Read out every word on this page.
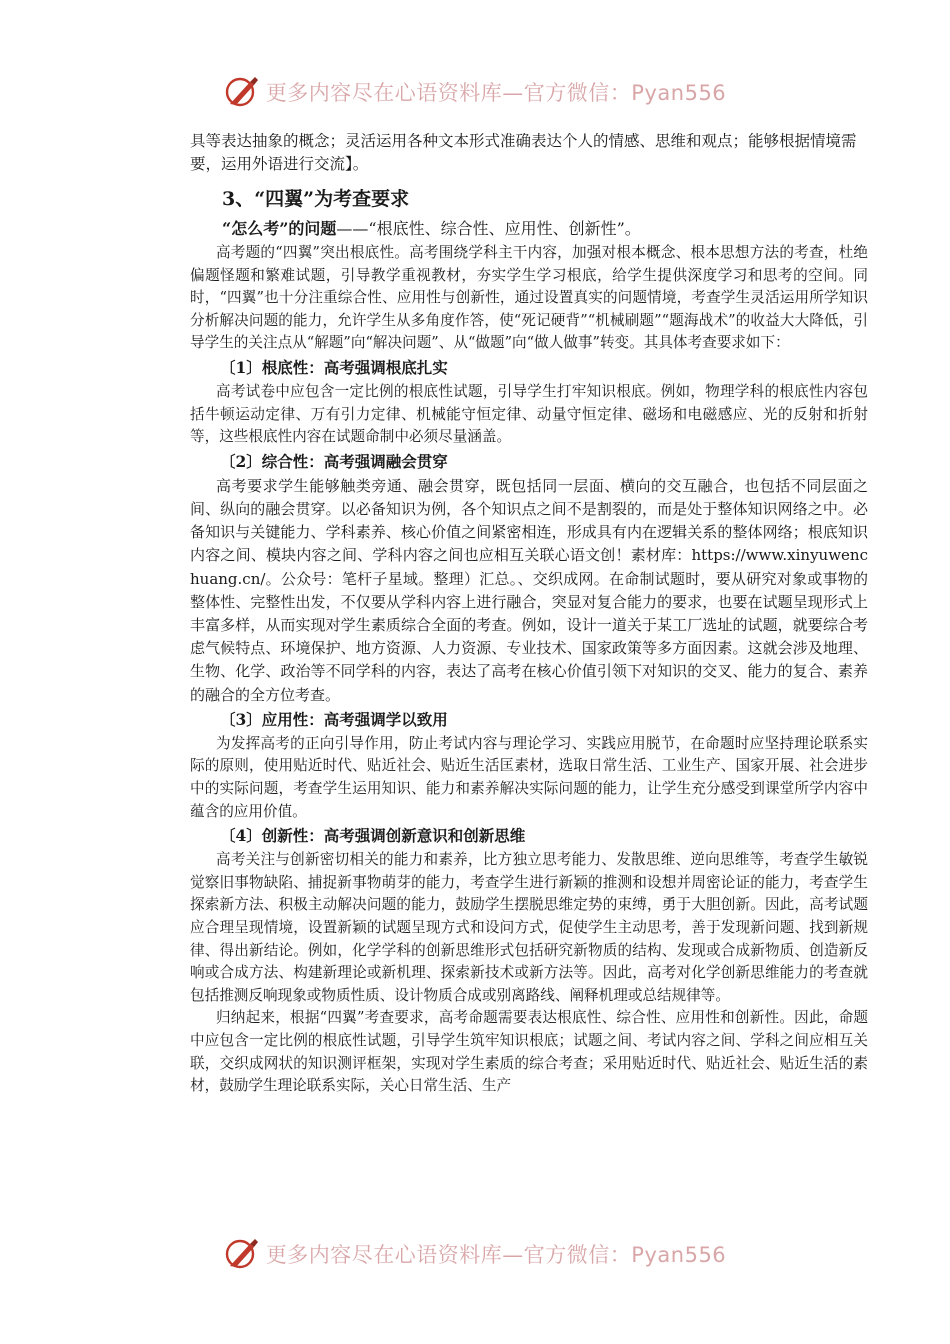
更多内容尽在心语资料库—官方微信：Pyan556

具等表达抽象的概念；灵活运用各种文本形式准确表达个人的情感、思维和观点；能够根据情境需要，运用外语进行交流】。

3、“四翼”为考查要求

“怎么考”的问题——“根底性、综合性、应用性、创新性”。

高考题的“四翼”突出根底性。高考围绕学科主干内容，加强对根本概念、根本思想方法的考查，杜绝偏题怪题和繁难试题，引导教学重视教材，夯实学生学习根底，给学生提供深度学习和思考的空间。同时，“四翼”也十分注重综合性、应用性与创新性，通过设置真实的问题情境，考查学生灵活运用所学知识分析解决问题的能力，允许学生从多角度作答，使“死记硬背”“机械刷题”“题海战术”的收益大大降低，引导学生的关注点从“解题”向“解决问题”、从“做题”向“做人做事”转变。其具体考查要求如下：

〔1〕根底性：高考强调根底扎实

高考试卷中应包含一定比例的根底性试题，引导学生打牢知识根底。例如，物理学科的根底性内容包括牛顿运动定律、万有引力定律、机械能守恒定律、动量守恒定律、磁场和电磁感应、光的反射和折射等，这些根底性内容在试题命制中必须尽量涵盖。

〔2〕综合性：高考强调融会贯穿

高考要求学生能够触类旁通、融会贯穿，既包括同一层面、横向的交互融合，也包括不同层面之间、纵向的融会贯穿。以必备知识为例，各个知识点之间不是割裂的，而是处于整体知识网络之中。必备知识与关键能力、学科素养、核心价值之间紧密相连，形成具有内在逻辑关系的整体网络；根底知识内容之间、模块内容之间、学科内容之间也应相互关联心语文创！素材库：https://www.xinyuwenchuang.cn/。公众号：笔杆子星域。整理）汇总。、交织成网。在命制试题时，要从研究对象或事物的整体性、完整性出发，不仅要从学科内容上进行融合，突显对复合能力的要求，也要在试题呈现形式上丰富多样，从而实现对学生素质综合全面的考查。例如，设计一道关于某工厂选址的试题，就要综合考虑气候特点、环境保护、地方资源、人力资源、专业技术、国家政策等多方面因素。这就会涉及地理、生物、化学、政治等不同学科的内容，表达了高考在核心价值引领下对知识的交叉、能力的复合、素养的融合的全方位考查。

〔3〕应用性：高考强调学以致用

为发挥高考的正向引导作用，防止考试内容与理论学习、实践应用脱节，在命题时应坚持理论联系实际的原则，使用贴近时代、贴近社会、贴近生活匡素材，选取日常生活、工业生产、国家开展、社会进步中的实际问题，考查学生运用知识、能力和素养解决实际问题的能力，让学生充分感受到课堂所学内容中蕴含的应用价值。

〔4〕创新性：高考强调创新意识和创新思维

高考关注与创新密切相关的能力和素养，比方独立思考能力、发散思维、逆向思维等，考查学生敏锐觉察旧事物缺陷、捕捉新事物萌芽的能力，考查学生进行新颖的推测和设想并周密论证的能力，考查学生探索新方法、积极主动解决问题的能力，鼓励学生摆脱思维定势的束缚，勇于大胆创新。因此，高考试题应合理呈现情境，设置新颖的试题呈现方式和设问方式，促使学生主动思考，善于发现新问题、找到新规律、得出新结论。例如，化学学科的创新思维形式包括研究新物质的结构、发现或合成新物质、创造新反响或合成方法、构建新理论或新机理、探索新技术或新方法等。因此，高考对化学创新思维能力的考查就包括推测反响现象或物质性质、设计物质合成或别离路线、阐释机理或总结规律等。

归纳起来，根据“四翼”考查要求，高考命题需要表达根底性、综合性、应用性和创新性。因此，命题中应包含一定比例的根底性试题，引导学生筑牢知识根底；试题之间、考试内容之间、学科之间应相互关联，交织成网状的知识测评框架，实现对学生素质的综合考查；采用贴近时代、贴近社会、贴近生活的素材，鼓励学生理论联系实际，关心日常生活、生产

更多内容尽在心语资料库—官方微信：Pyan556
